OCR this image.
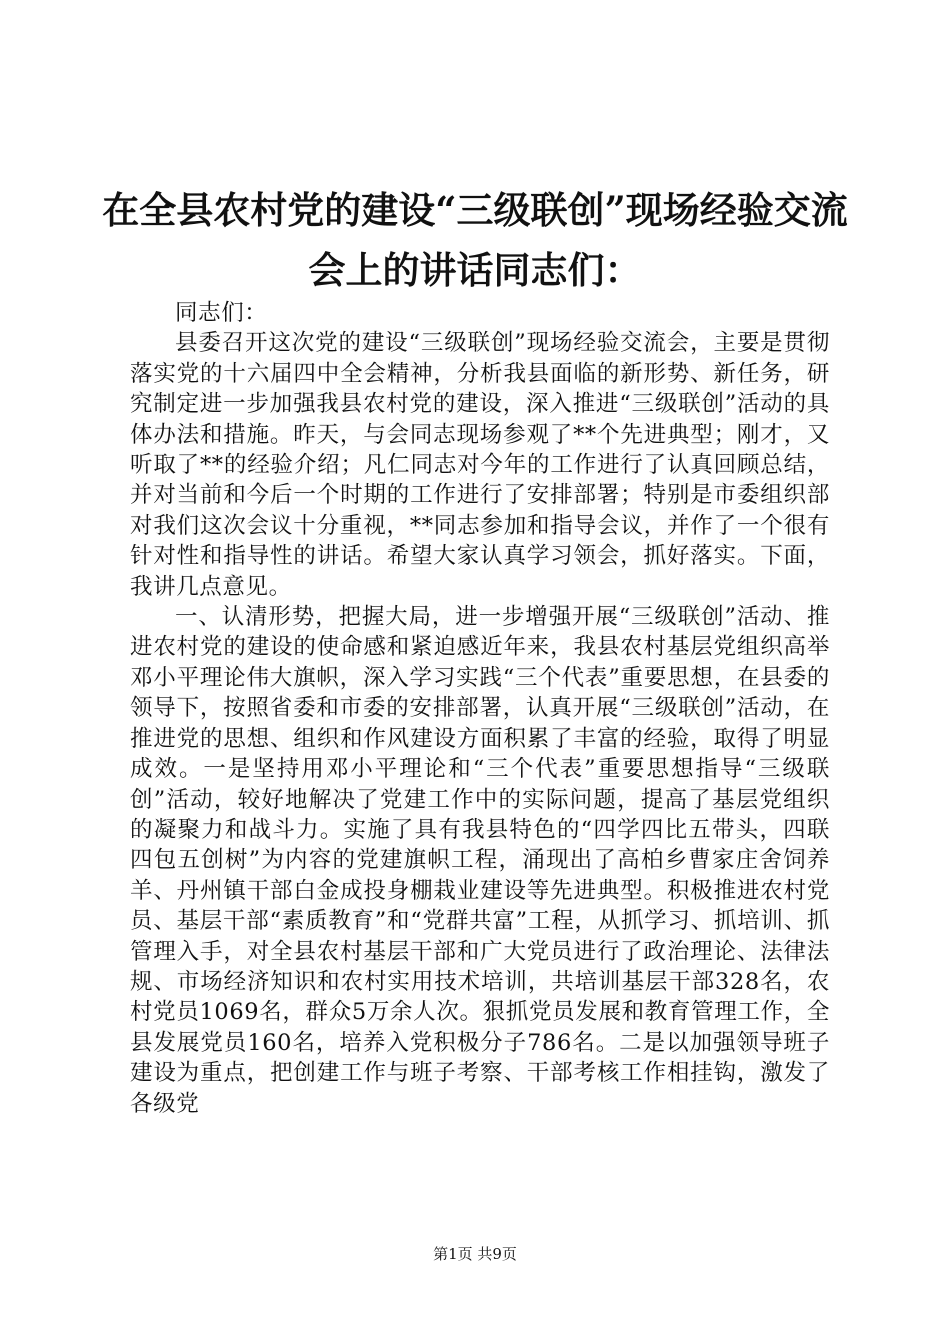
在全县农村党的建设“三级联创”现场经验交流会上的讲话同志们：

同志们：

县委召开这次党的建设“三级联创”现场经验交流会，主要是贯彻落实党的十六届四中全会精神，分析我县面临的新形势、新任务，研究制定进一步加强我县农村党的建设，深入推进“三级联创”活动的具体办法和措施。昨天，与会同志现场参观了**个先进典型；刚才，又听取了**的经验介绍；凡仁同志对今年的工作进行了认真回顾总结，并对当前和今后一个时期的工作进行了安排部署；特别是市委组织部对我们这次会议十分重视，**同志参加和指导会议，并作了一个很有针对性和指导性的讲话。希望大家认真学习领会，抓好落实。下面，我讲几点意见。

一、认清形势，把握大局，进一步增强开展“三级联创”活动、推进农村党的建设的使命感和紧迫感近年来，我县农村基层党组织高举邓小平理论伟大旗帜，深入学习实践“三个代表”重要思想，在县委的领导下，按照省委和市委的安排部署，认真开展“三级联创”活动，在推进党的思想、组织和作风建设方面积累了丰富的经验，取得了明显成效。一是坚持用邓小平理论和“三个代表”重要思想指导“三级联创”活动，较好地解决了党建工作中的实际问题，提高了基层党组织的凝聚力和战斗力。实施了具有我县特色的“四学四比五带头，四联四包五创树”为内容的党建旗帜工程，涌现出了高柏乡曹家庄舍饲养羊、丹州镇干部白金成投身棚栽业建设等先进典型。积极推进农村党员、基层干部“素质教育”和“党群共富”工程，从抓学习、抓培训、抓管理入手，对全县农村基层干部和广大党员进行了政治理论、法律法规、市场经济知识和农村实用技术培训，共培训基层干部328名，农村党员1069名，群众5万余人次。狠抓党员发展和教育管理工作，全县发展党员160名，培养入党积极分子786名。二是以加强领导班子建设为重点，把创建工作与班子考察、干部考核工作相挂钩，激发了各级党

第1页 共9页
